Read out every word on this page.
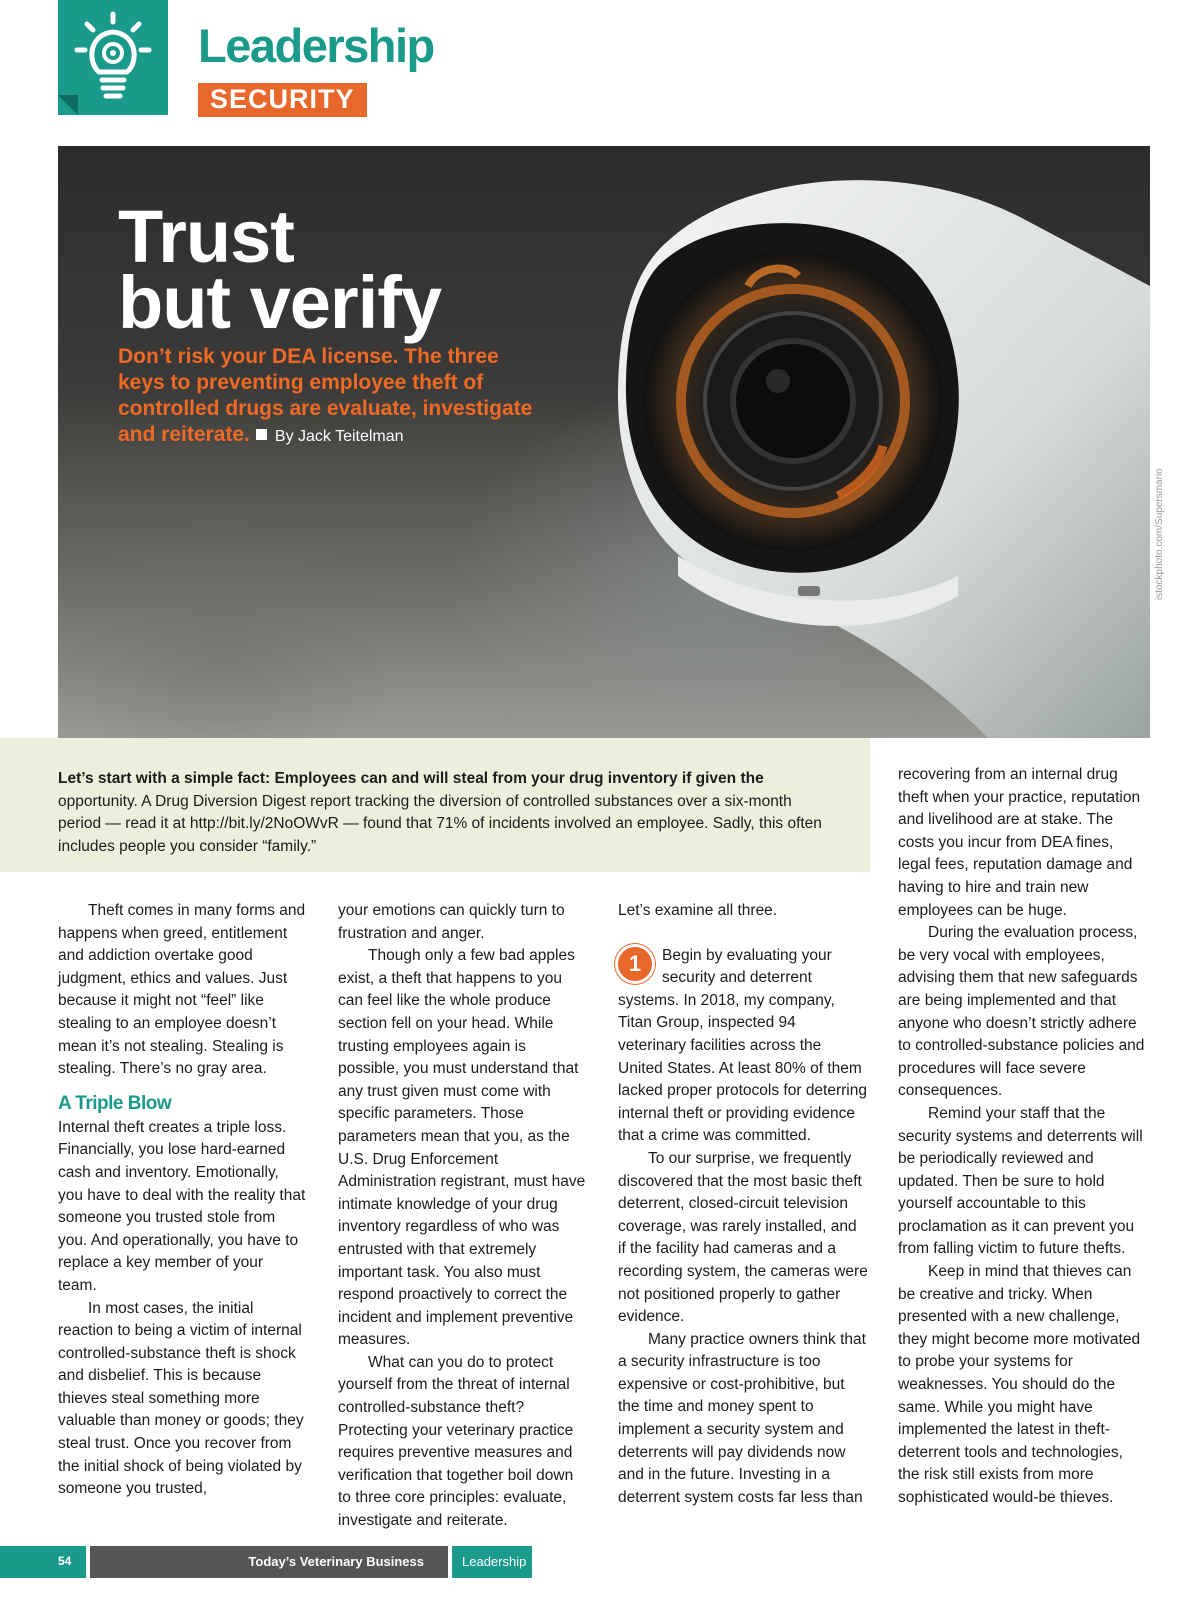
Leadership
SECURITY
Trust
but verify
Don’t risk your DEA license. The three keys to preventing employee theft of controlled drugs are evaluate, investigate and reiterate. By Jack Teitelman
istockphoto.com/Supersmario

Let’s start with a simple fact: Employees can and will steal from your drug inventory if given the opportunity. A Drug Diversion Digest report tracking the diversion of controlled substances over a six-month period — read it at http://bit.ly/2NoOWvR — found that 71% of incidents involved an employee. Sadly, this often includes people you consider “family.”

Theft comes in many forms and happens when greed, entitlement and addiction overtake good judgment, ethics and values. Just because it might not “feel” like stealing to an employee doesn’t mean it’s not stealing. Stealing is stealing. There’s no gray area.

A Triple Blow

Internal theft creates a triple loss. Financially, you lose hard-earned cash and inventory. Emotionally, you have to deal with the reality that someone you trusted stole from you. And operationally, you have to replace a key member of your team.

In most cases, the initial reaction to being a victim of internal controlled-substance theft is shock and disbelief. This is because thieves steal something more valuable than money or goods; they steal trust. Once you recover from the initial shock of being violated by someone you trusted,

your emotions can quickly turn to frustration and anger.

Though only a few bad apples exist, a theft that happens to you can feel like the whole produce section fell on your head. While trusting employees again is possible, you must understand that any trust given must come with specific parameters. Those parameters mean that you, as the U.S. Drug Enforcement Administration registrant, must have intimate knowledge of your drug inventory regardless of who was entrusted with that extremely important task. You also must respond proactively to correct the incident and implement preventive measures.

What can you do to protect yourself from the threat of internal controlled-substance theft? Protecting your veterinary practice requires preventive measures and verification that together boil down to three core principles: evaluate, investigate and reiterate.

Let’s examine all three.

1	Begin by evaluating your security and deterrent systems. In 2018, my company, Titan Group, inspected 94 veterinary facilities across the United States. At least 80% of them lacked proper protocols for deterring internal theft or providing evidence that a crime was committed.

To our surprise, we frequently discovered that the most basic theft deterrent, closed-circuit television coverage, was rarely installed, and if the facility had cameras and a recording system, the cameras were not positioned properly to gather evidence.

Many practice owners think that a security infrastructure is too expensive or cost-prohibitive, but the time and money spent to implement a security system and deterrents will pay dividends now and in the future. Investing in a deterrent system costs far less than

recovering from an internal drug theft when your practice, reputation and livelihood are at stake. The costs you incur from DEA fines, legal fees, reputation damage and having to hire and train new employees can be huge.

During the evaluation process, be very vocal with employees, advising them that new safeguards are being implemented and that anyone who doesn’t strictly adhere to controlled-substance policies and procedures will face severe consequences.

Remind your staff that the security systems and deterrents will be periodically reviewed and updated. Then be sure to hold yourself accountable to this proclamation as it can prevent you from falling victim to future thefts.

Keep in mind that thieves can be creative and tricky. When presented with a new challenge, they might become more motivated to probe your systems for weaknesses. You should do the same. While you might have implemented the latest in theft-deterrent tools and technologies, the risk still exists from more sophisticated would-be thieves.

54	Today’s Veterinary Business	Leadership
